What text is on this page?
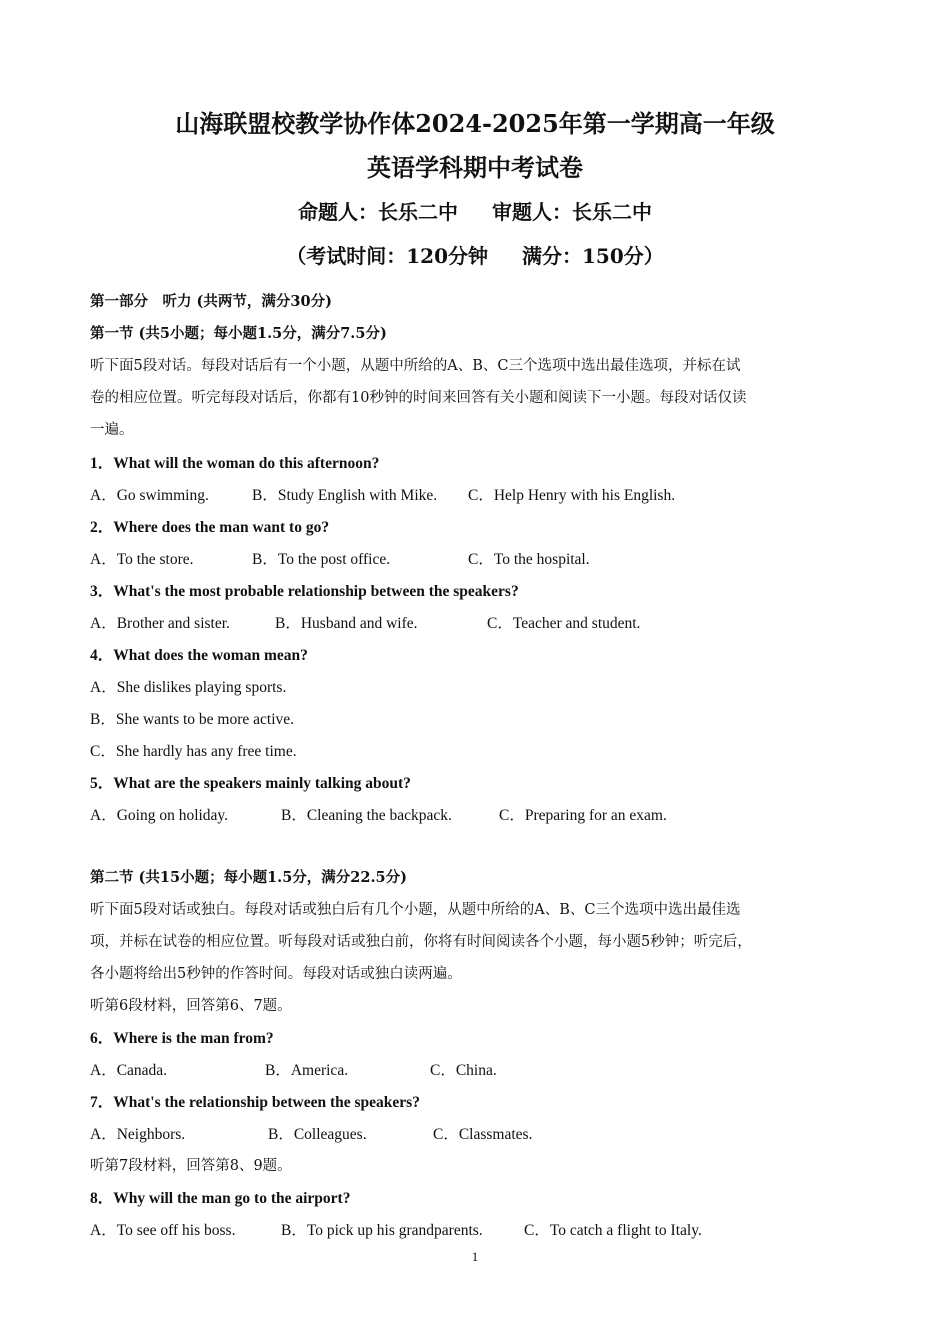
山海联盟校教学协作体2024-2025年第一学期高一年级
英语学科期中考试卷
命题人：长乐二中 审题人：长乐二中
（考试时间：120分钟 满分：150分）
第一部分　听力 (共两节，满分30分)
第一节 (共5小题；每小题1.5分，满分7.5分)
听下面5段对话。每段对话后有一个小题，从题中所给的A、B、C三个选项中选出最佳选项，并标在试
卷的相应位置。听完每段对话后，你都有10秒钟的时间来回答有关小题和阅读下一小题。每段对话仅读
一遍。
1．What will the woman do this afternoon?
A．Go swimming.	B．Study English with Mike. C．Help Henry with his English.
2．Where does the man want to go?
A．To the store.	B．To the post office.	C．To the hospital.
3．What's the most probable relationship between the speakers?
A．Brother and sister.	B．Husband and wife.	C．Teacher and student.
4．What does the woman mean?
A．She dislikes playing sports.
B．She wants to be more active.
C．She hardly has any free time.
5．What are the speakers mainly talking about?
A．Going on holiday.	B．Cleaning the backpack.	C．Preparing for an exam.
第二节 (共15小题；每小题1.5分，满分22.5分)
听下面5段对话或独白。每段对话或独白后有几个小题，从题中所给的A、B、C三个选项中选出最佳选
项，并标在试卷的相应位置。听每段对话或独白前，你将有时间阅读各个小题，每小题5秒钟；听完后，
各小题将给出5秒钟的作答时间。每段对话或独白读两遍。
听第6段材料，回答第6、7题。
6．Where is the man from?
A．Canada.	B．America.	C．China.
7．What's the relationship between the speakers?
A．Neighbors.	B．Colleagues.	C．Classmates.
听第7段材料，回答第8、9题。
8．Why will the man go to the airport?
A．To see off his boss.	B．To pick up his grandparents.	C．To catch a flight to Italy.
1
